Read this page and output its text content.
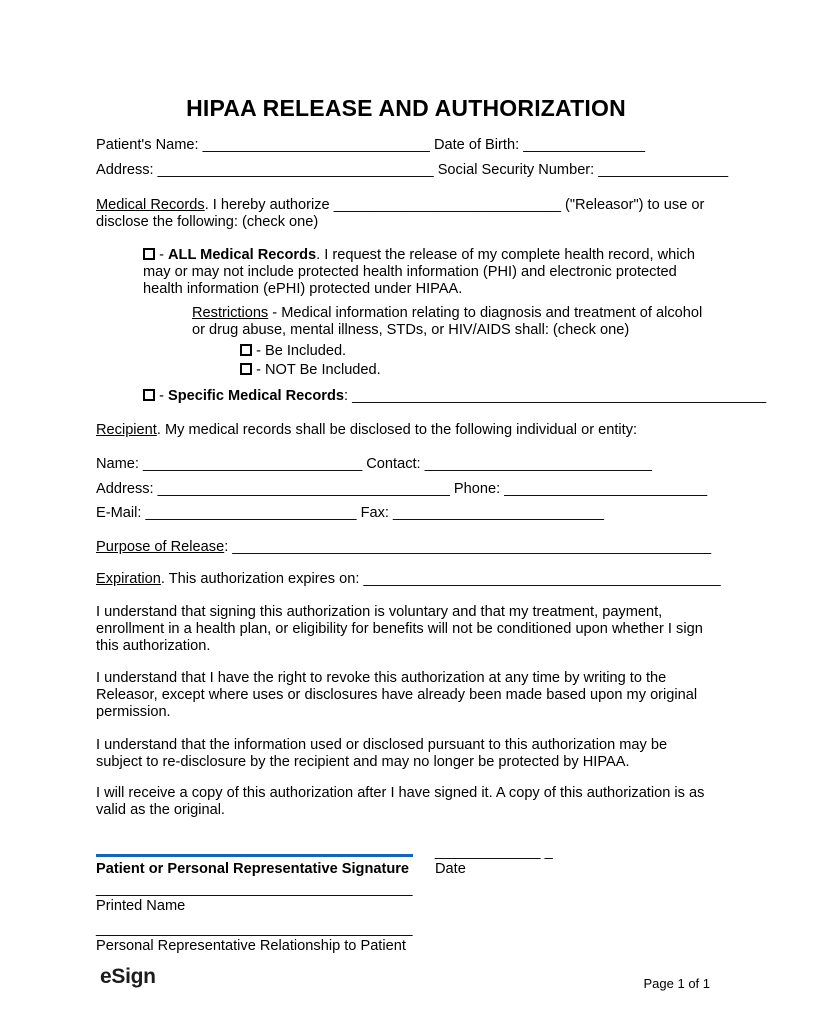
HIPAA RELEASE AND AUTHORIZATION

Patient's Name: ____________________________ Date of Birth: _______________

Address: __________________________________ Social Security Number: ________________

Medical Records. I hereby authorize ____________________________ ("Releasor") to use or disclose the following: (check one)

- ALL Medical Records. I request the release of my complete health record, which may or may not include protected health information (PHI) and electronic protected health information (ePHI) protected under HIPAA.

Restrictions - Medical information relating to diagnosis and treatment of alcohol or drug abuse, mental illness, STDs, or HIV/AIDS shall: (check one)

- Be Included.

- NOT Be Included.

- Specific Medical Records: ___________________________________________________

Recipient. My medical records shall be disclosed to the following individual or entity:

Name: ___________________________ Contact: ____________________________

Address: ____________________________________ Phone: _________________________

E-Mail: __________________________ Fax: __________________________

Purpose of Release: ___________________________________________________________

Expiration. This authorization expires on: ____________________________________________

I understand that signing this authorization is voluntary and that my treatment, payment, enrollment in a health plan, or eligibility for benefits will not be conditioned upon whether I sign this authorization.

I understand that I have the right to revoke this authorization at any time by writing to the Releasor, except where uses or disclosures have already been made based upon my original permission.

I understand that the information used or disclosed pursuant to this authorization may be subject to re-disclosure by the recipient and may no longer be protected by HIPAA.

I will receive a copy of this authorization after I have signed it. A copy of this authorization is as valid as the original.

Patient or Personal Representative Signature
_____________ _
Date
_______________________________________
Printed Name
_______________________________________
Personal Representative Relationship to Patient
eSign	Page 1 of 1
